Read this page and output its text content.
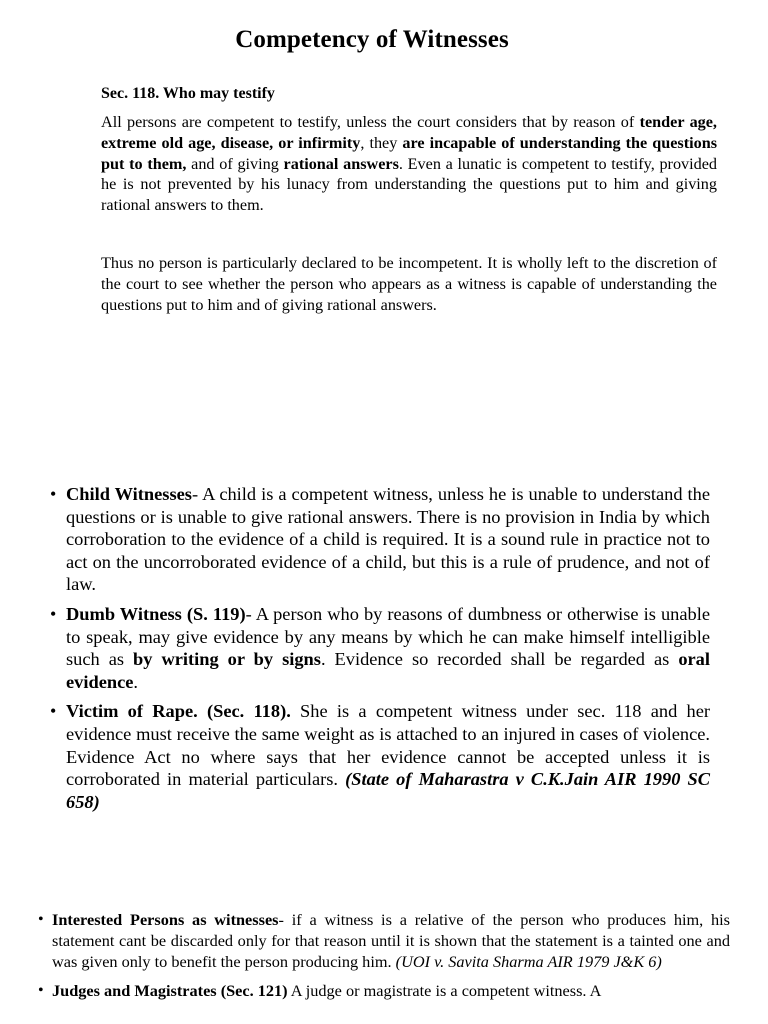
Competency of Witnesses
Sec. 118. Who may testify

All persons are competent to testify, unless the court considers that by reason of tender age, extreme old age, disease, or infirmity, they are incapable of understanding the questions put to them, and of giving rational answers. Even a lunatic is competent to testify, provided he is not prevented by his lunacy from understanding the questions put to him and giving rational answers to them.

Thus no person is particularly declared to be incompetent. It is wholly left to the discretion of the court to see whether the person who appears as a witness is capable of understanding the questions put to him and of giving rational answers.

• Child Witnesses- A child is a competent witness, unless he is unable to understand the questions or is unable to give rational answers. There is no provision in India by which corroboration to the evidence of a child is required. It is a sound rule in practice not to act on the uncorroborated evidence of a child, but this is a rule of prudence, and not of law.
• Dumb Witness (S. 119)- A person who by reasons of dumbness or otherwise is unable to speak, may give evidence by any means by which he can make himself intelligible such as by writing or by signs. Evidence so recorded shall be regarded as oral evidence.
• Victim of Rape. (Sec. 118). She is a competent witness under sec. 118 and her evidence must receive the same weight as is attached to an injured in cases of violence. Evidence Act no where says that her evidence cannot be accepted unless it is corroborated in material particulars. (State of Maharastra v C.K.Jain AIR 1990 SC 658)
• Interested Persons as witnesses- if a witness is a relative of the person who produces him, his statement cant be discarded only for that reason until it is shown that the statement is a tainted one and was given only to benefit the person producing him. (UOI v. Savita Sharma AIR 1979 J&K 6)
• Judges and Magistrates (Sec. 121) A judge or magistrate is a competent witness. A
